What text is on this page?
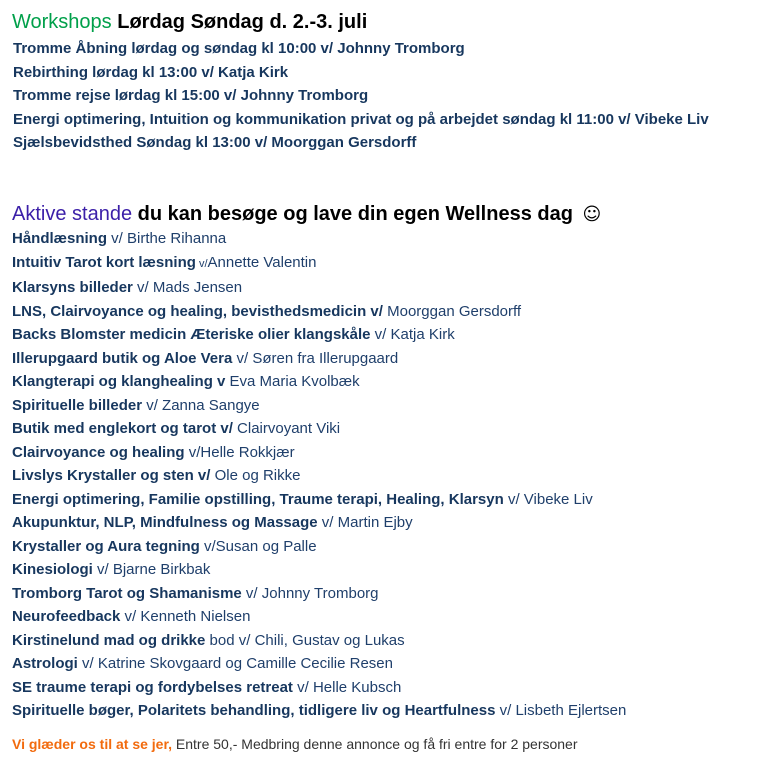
Workshops Lørdag Søndag d. 2.-3. juli
Tromme Åbning lørdag og søndag kl 10:00 v/ Johnny Tromborg
Rebirthing lørdag kl 13:00 v/ Katja Kirk
Tromme rejse lørdag kl 15:00 v/ Johnny Tromborg
Energi optimering, Intuition og kommunikation privat og på arbejdet søndag kl 11:00 v/ Vibeke Liv
Sjælsbevidsthed Søndag kl 13:00 v/ Moorggan Gersdorff
Aktive stande du kan besøge og lave din egen Wellness dag ☺
Håndlæsning v/ Birthe Rihanna
Intuitiv Tarot kort læsning v/Annette Valentin
Klarsyns billeder v/ Mads Jensen
LNS, Clairvoyance og healing, bevisthedsmedicin v/ Moorggan Gersdorff
Backs Blomster medicin Æteriske olier klangskåle v/ Katja Kirk
Illerupgaard butik og Aloe Vera v/ Søren fra Illerupgaard
Klangterapi og klanghealing v Eva Maria Kvolbæk
Spirituelle billeder v/ Zanna Sangye
Butik med englekort og tarot v/ Clairvoyant Viki
Clairvoyance og healing v/Helle Rokkjær
Livslys Krystaller og sten v/ Ole og Rikke
Energi optimering, Familie opstilling, Traume terapi, Healing, Klarsyn v/ Vibeke Liv
Akupunktur, NLP, Mindfulness og Massage v/ Martin Ejby
Krystaller og Aura tegning v/Susan og Palle
Kinesiologi v/ Bjarne Birkbak
Tromborg Tarot og Shamanisme v/ Johnny Tromborg
Neurofeedback v/ Kenneth Nielsen
Kirstinelund mad og drikke bod v/ Chili, Gustav og Lukas
Astrologi v/ Katrine Skovgaard og Camille Cecilie Resen
SE traume terapi og fordybelses retreat v/ Helle Kubsch
Spirituelle bøger, Polaritets behandling, tidligere liv og Heartfulness v/ Lisbeth Ejlertsen
Vi glæder os til at se jer, Entre 50,- Medbring denne annonce og få fri entre for 2 personer
